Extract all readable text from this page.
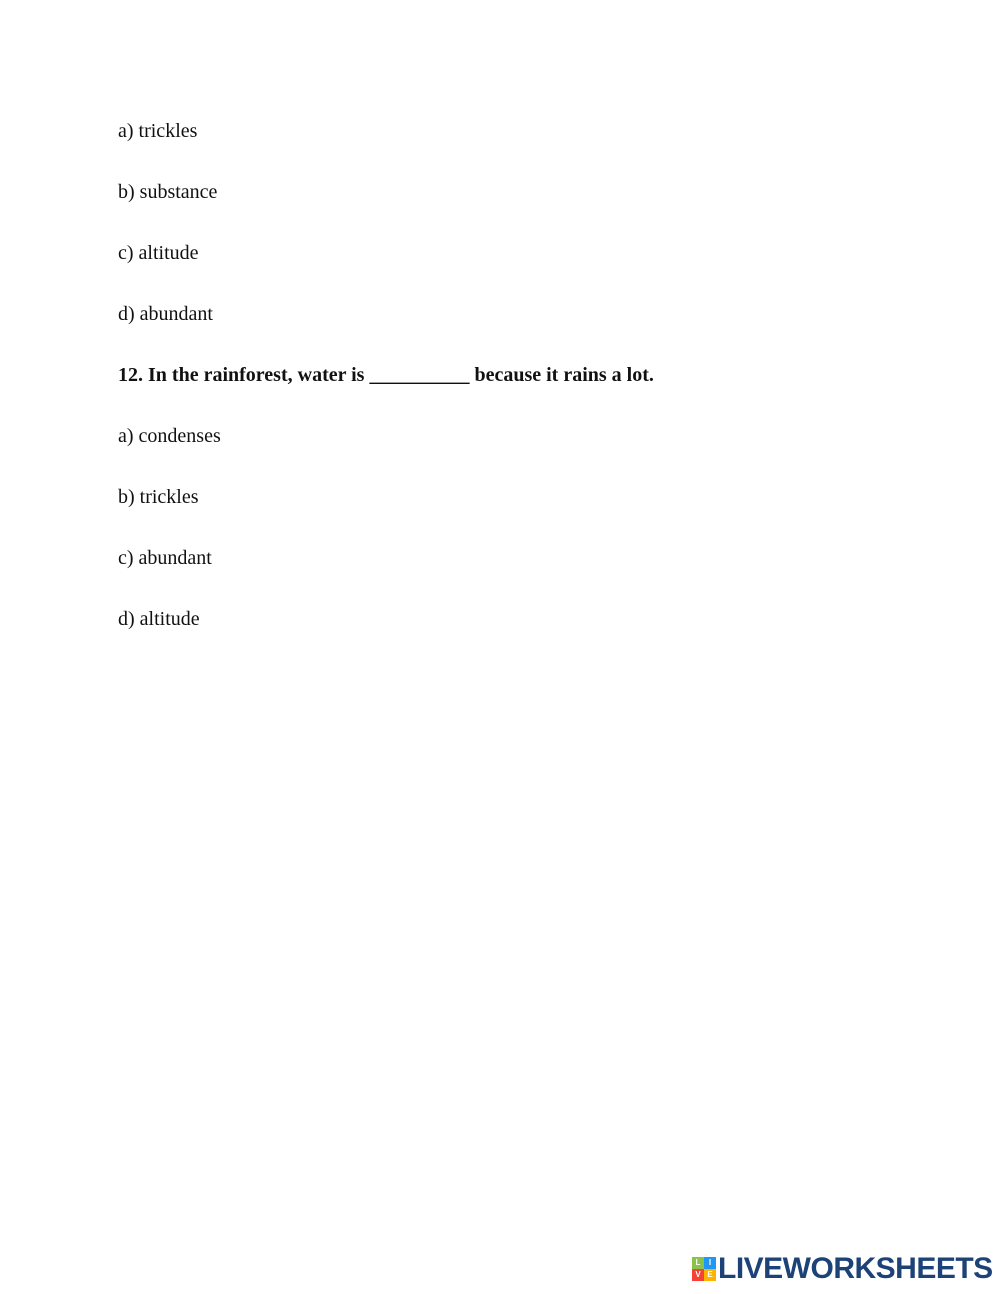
a) trickles
b) substance
c) altitude
d) abundant
12. In the rainforest, water is __________ because it rains a lot.
a) condenses
b) trickles
c) abundant
d) altitude
L	I
V E LIVEWORKSHEETS
